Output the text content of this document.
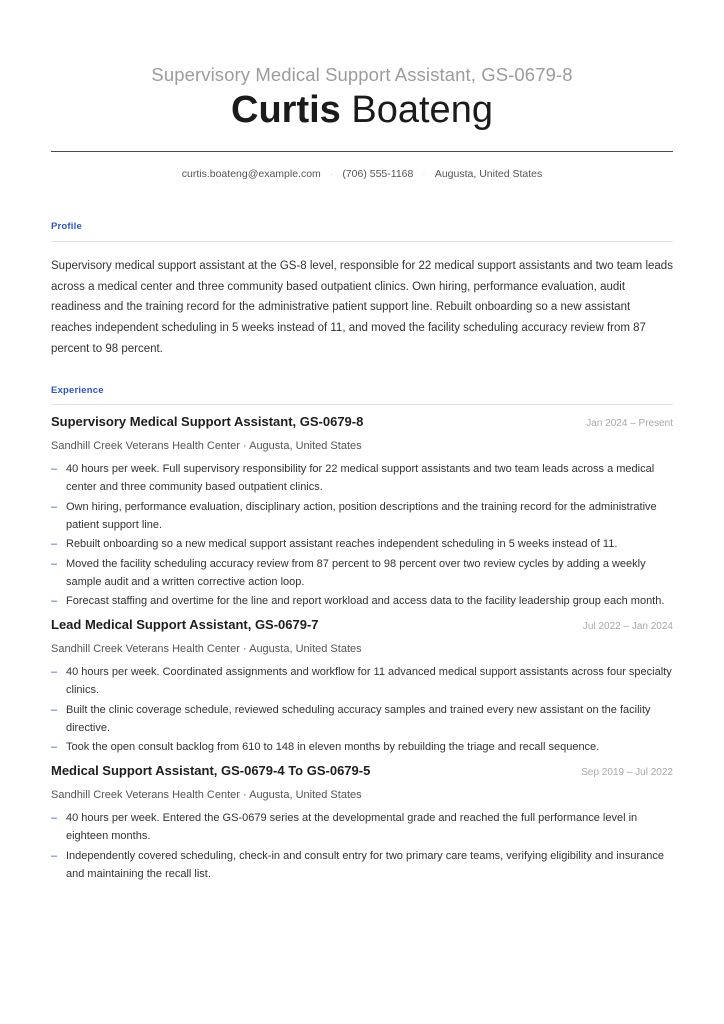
Supervisory Medical Support Assistant, GS-0679-8
Curtis Boateng
curtis.boateng@example.com · (706) 555-1168 · Augusta, United States
Profile
Supervisory medical support assistant at the GS-8 level, responsible for 22 medical support assistants and two team leads across a medical center and three community based outpatient clinics. Own hiring, performance evaluation, audit readiness and the training record for the administrative patient support line. Rebuilt onboarding so a new assistant reaches independent scheduling in 5 weeks instead of 11, and moved the facility scheduling accuracy review from 87 percent to 98 percent.
Experience
Supervisory Medical Support Assistant, GS-0679-8	Jan 2024 – Present
Sandhill Creek Veterans Health Center · Augusta, United States
– 40 hours per week. Full supervisory responsibility for 22 medical support assistants and two team leads across a medical center and three community based outpatient clinics.
– Own hiring, performance evaluation, disciplinary action, position descriptions and the training record for the administrative patient support line.
– Rebuilt onboarding so a new medical support assistant reaches independent scheduling in 5 weeks instead of 11.
– Moved the facility scheduling accuracy review from 87 percent to 98 percent over two review cycles by adding a weekly sample audit and a written corrective action loop.
– Forecast staffing and overtime for the line and report workload and access data to the facility leadership group each month.
Lead Medical Support Assistant, GS-0679-7	Jul 2022 – Jan 2024
Sandhill Creek Veterans Health Center · Augusta, United States
– 40 hours per week. Coordinated assignments and workflow for 11 advanced medical support assistants across four specialty clinics.
– Built the clinic coverage schedule, reviewed scheduling accuracy samples and trained every new assistant on the facility directive.
– Took the open consult backlog from 610 to 148 in eleven months by rebuilding the triage and recall sequence.
Medical Support Assistant, GS-0679-4 To GS-0679-5	Sep 2019 – Jul 2022
Sandhill Creek Veterans Health Center · Augusta, United States
– 40 hours per week. Entered the GS-0679 series at the developmental grade and reached the full performance level in eighteen months.
– Independently covered scheduling, check-in and consult entry for two primary care teams, verifying eligibility and insurance and maintaining the recall list.
